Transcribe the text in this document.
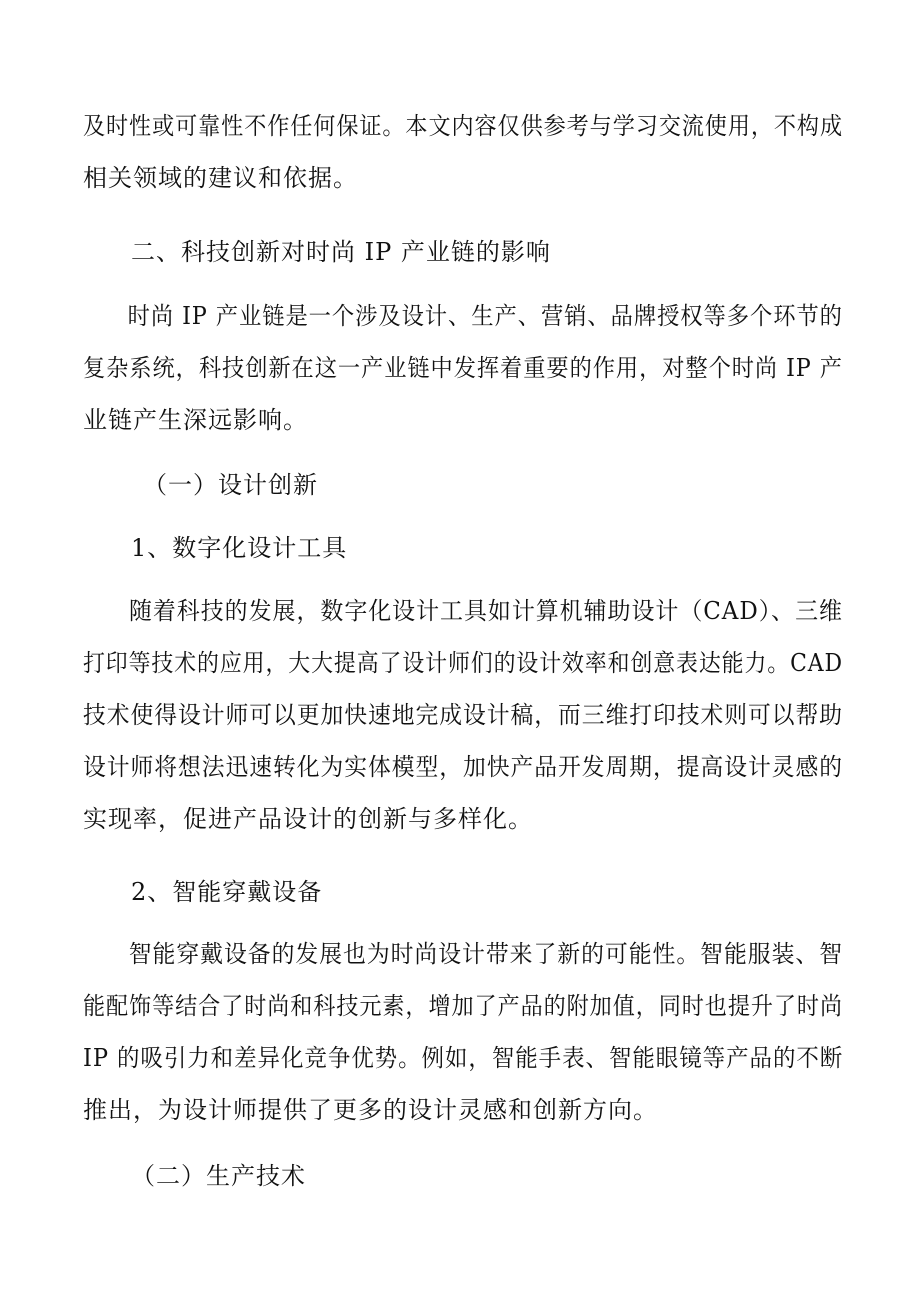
及时性或可靠性不作任何保证。本文内容仅供参考与学习交流使用，不构成
相关领域的建议和依据。

二、科技创新对时尚 IP 产业链的影响

时尚 IP 产业链是一个涉及设计、生产、营销、品牌授权等多个环节的
复杂系统，科技创新在这一产业链中发挥着重要的作用，对整个时尚 IP 产
业链产生深远影响。

（一）设计创新
1、数字化设计工具

随着科技的发展，数字化设计工具如计算机辅助设计（CAD）、三维
打印等技术的应用，大大提高了设计师们的设计效率和创意表达能力。CAD
技术使得设计师可以更加快速地完成设计稿，而三维打印技术则可以帮助
设计师将想法迅速转化为实体模型，加快产品开发周期，提高设计灵感的
实现率，促进产品设计的创新与多样化。

2、智能穿戴设备

智能穿戴设备的发展也为时尚设计带来了新的可能性。智能服装、智
能配饰等结合了时尚和科技元素，增加了产品的附加值，同时也提升了时尚
IP 的吸引力和差异化竞争优势。例如，智能手表、智能眼镜等产品的不断
推出，为设计师提供了更多的设计灵感和创新方向。

（二）生产技术
